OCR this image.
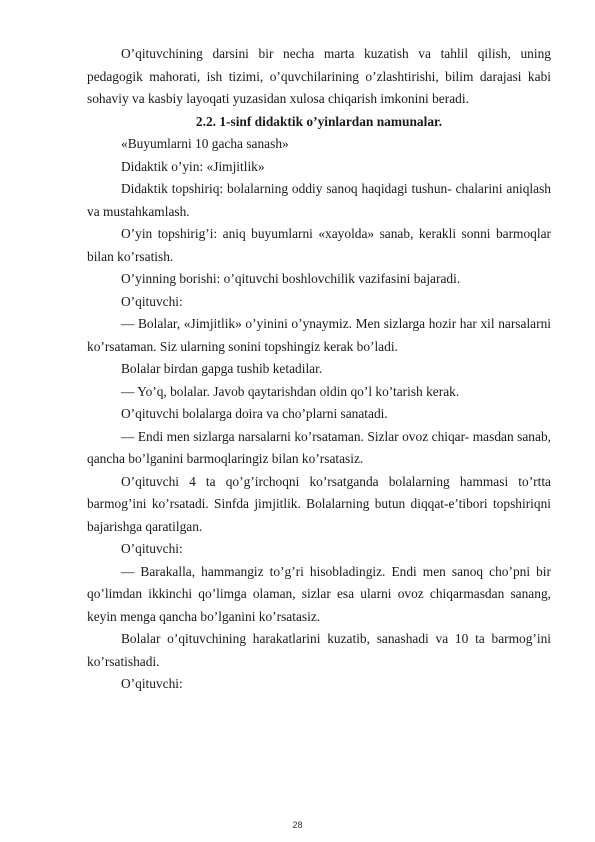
O’qituvchining darsini bir necha marta kuzatish va tahlil qilish, uning pedagogik mahorati, ish tizimi, o’quvchilarining o’zlashtirishi, bilim darajasi kabi sohaviy va kasbiy layoqati yuzasidan xulosa chiqarish imkonini beradi.

2.2. 1-sinf didaktik o’yinlardan namunalar.

«Buyumlarni 10 gacha sanash»

Didaktik o’yin: «Jimjitlik»

Didaktik topshiriq: bolalarning oddiy sanoq haqidagi tushun- chalarini aniqlash va mustahkamlash.

O’yin topshirig’i: aniq buyumlarni «xayolda» sanab, kerakli sonni barmoqlar bilan ko’rsatish.

O’yinning borishi: o’qituvchi boshlovchilik vazifasini bajaradi.

O’qituvchi:

— Bolalar, «Jimjitlik» o’yinini o’ynaymiz. Men sizlarga hozir har xil narsalarni ko’rsataman. Siz ularning sonini topshingiz kerak bo’ladi.

Bolalar birdan gapga tushib ketadilar.

— Yo’q, bolalar. Javob qaytarishdan oldin qo’l ko’tarish kerak.

O’qituvchi bolalarga doira va cho’plarni sanatadi.

— Endi men sizlarga narsalarni ko’rsataman. Sizlar ovoz chiqar- masdan sanab, qancha bo’lganini barmoqlaringiz bilan ko’rsatasiz.

O’qituvchi 4 ta qo’g’irchoqni ko’rsatganda bolalarning hammasi to’rtta barmog’ini ko’rsatadi. Sinfda jimjitlik. Bolalarning butun diqqat-e’tibori topshiriqni bajarishga qaratilgan.

O’qituvchi:

— Barakalla, hammangiz to’g’ri hisobladingiz. Endi men sanoq cho’pni bir qo’limdan ikkinchi qo’limga olaman, sizlar esa ularni ovoz chiqarmasdan sanang, keyin menga qancha bo’lganini ko’rsatasiz.

Bolalar o’qituvchining harakatlarini kuzatib, sanashadi va 10 ta barmog’ini ko’rsatishadi.

O’qituvchi:

28
